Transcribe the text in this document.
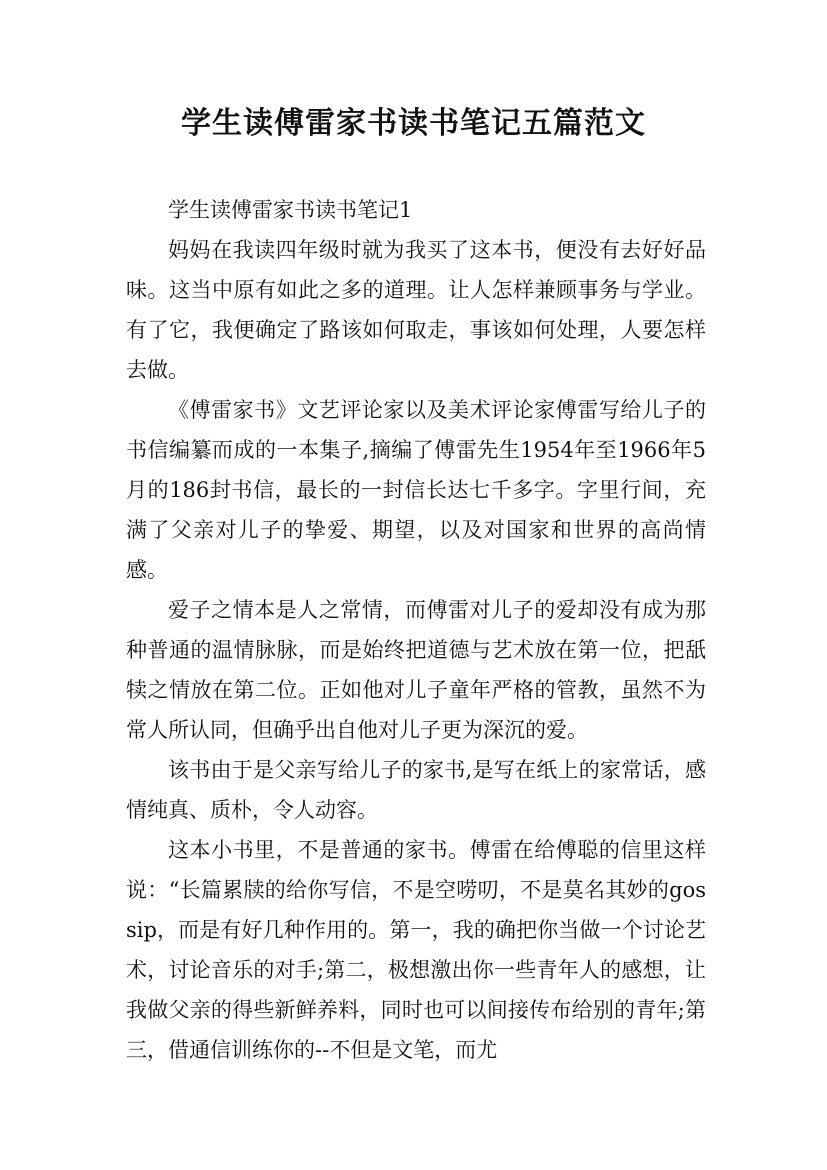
学生读傅雷家书读书笔记五篇范文

学生读傅雷家书读书笔记1

妈妈在我读四年级时就为我买了这本书，便没有去好好品味。这当中原有如此之多的道理。让人怎样兼顾事务与学业。有了它，我便确定了路该如何取走，事该如何处理，人要怎样去做。

《傅雷家书》文艺评论家以及美术评论家傅雷写给儿子的书信编纂而成的一本集子,摘编了傅雷先生1954年至1966年5月的186封书信，最长的一封信长达七千多字。字里行间，充满了父亲对儿子的挚爱、期望，以及对国家和世界的高尚情感。

爱子之情本是人之常情，而傅雷对儿子的爱却没有成为那种普通的温情脉脉，而是始终把道德与艺术放在第一位，把舐犊之情放在第二位。正如他对儿子童年严格的管教，虽然不为常人所认同，但确乎出自他对儿子更为深沉的爱。

该书由于是父亲写给儿子的家书,是写在纸上的家常话，感情纯真、质朴，令人动容。

这本小书里，不是普通的家书。傅雷在给傅聪的信里这样说：“长篇累牍的给你写信，不是空唠叨，不是莫名其妙的gossip，而是有好几种作用的。第一，我的确把你当做一个讨论艺术，讨论音乐的对手;第二，极想激出你一些青年人的感想，让我做父亲的得些新鲜养料，同时也可以间接传布给别的青年;第三，借通信训练你的--不但是文笔，而尤
